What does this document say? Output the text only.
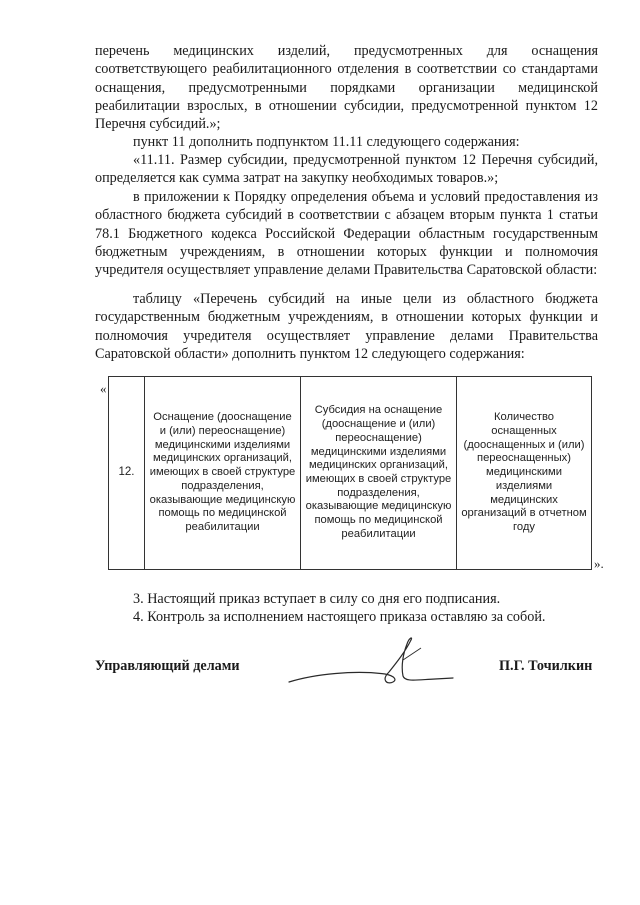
перечень медицинских изделий, предусмотренных для оснащения соответствующего реабилитационного отделения в соответствии со стандартами оснащения, предусмотренными порядками организации медицинской реабилитации взрослых, в отношении субсидии, предусмотренной пунктом 12 Перечня субсидий.»;

пункт 11 дополнить подпунктом 11.11 следующего содержания:

«11.11. Размер субсидии, предусмотренной пунктом 12 Перечня субсидий, определяется как сумма затрат на закупку необходимых товаров.»;

в приложении к Порядку определения объема и условий предоставления из областного бюджета субсидий в соответствии с абзацем вторым пункта 1 статьи 78.1 Бюджетного кодекса Российской Федерации областным государственным бюджетным учреждениям, в отношении которых функции и полномочия учредителя осуществляет управление делами Правительства Саратовской области:

таблицу «Перечень субсидий на иные цели из областного бюджета государственным бюджетным учреждениям, в отношении которых функции и полномочия учредителя осуществляет управление делами Правительства Саратовской области» дополнить пунктом 12 следующего содержания:

«
12.	Оснащение (дооснащение и (или) переоснащение) медицинскими изделиями медицинских организаций, имеющих в своей структуре подразделения, оказывающие медицинскую помощь по медицинской реабилитации	Субсидия на оснащение (дооснащение и (или) переоснащение) медицинскими изделиями медицинских организаций, имеющих в своей структуре подразделения, оказывающие медицинскую помощь по медицинской реабилитации	Количество оснащенных (дооснащенных и (или) переоснащенных) медицинскими изделиями медицинских организаций в отчетном году
».

3. Настоящий приказ вступает в силу со дня его подписания.

4. Контроль за исполнением настоящего приказа оставляю за собой.

Управляющий делами	П.Г. Точилкин
